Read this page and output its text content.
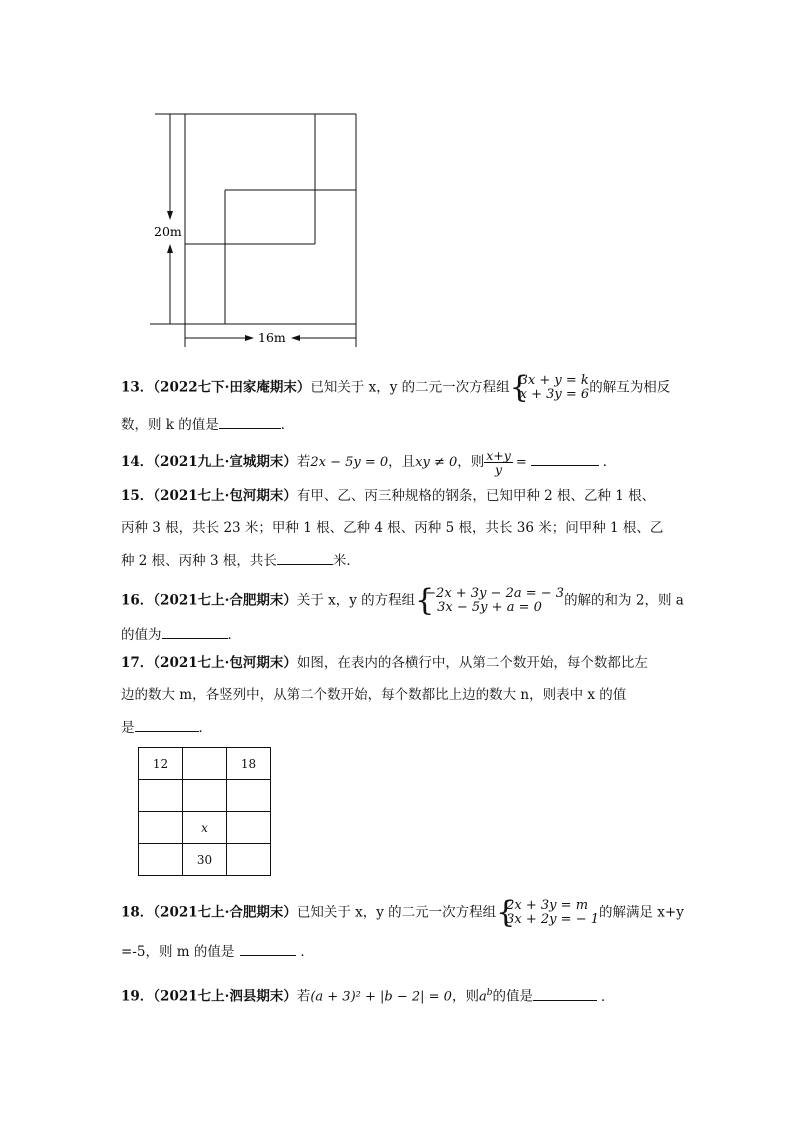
20m
16m
13．（2022七下·田家庵期末）已知关于 x，y 的二元一次方程组 {
3x + y = k
x + 3y = 6 的解互为相反
数，则 k 的值是	．
14．（2021九上·宣城期末）若2x − 5y = 0，且xy ≠ 0，则 $\frac{x+y}{y}$ =	．
15．（2021七上·包河期末）有甲、乙、丙三种规格的钢条，已知甲种 2 根、乙种 1 根、
丙种 3 根，共长 23 米；甲种 1 根、乙种 4 根、丙种 5 根，共长 36 米；问甲种 1 根、乙
种 2 根、丙种 3 根，共长	米．
16．（2021七上·合肥期末）关于 x，y 的方程组 {
−2x + 3y − 2a = − 3
3x − 5y + a = 0	的解的和为 2，则 a
的值为	．
17．（2021七上·包河期末）如图，在表内的各横行中，从第二个数开始，每个数都比左
边的数大 m，各竖列中，从第二个数开始，每个数都比上边的数大 n，则表中 x 的值
是	．
12		18

	x	
	30	
18．（2021七上·合肥期末）已知关于 x，y 的二元一次方程组 {
2x + 3y = m
3x + 2y = − 1 的解满足 x+y
=-5，则 m 的值是	．
19．（2021七上·泗县期末）若(a + 3)² + |b − 2| = 0，则$a^b$的值是	．
